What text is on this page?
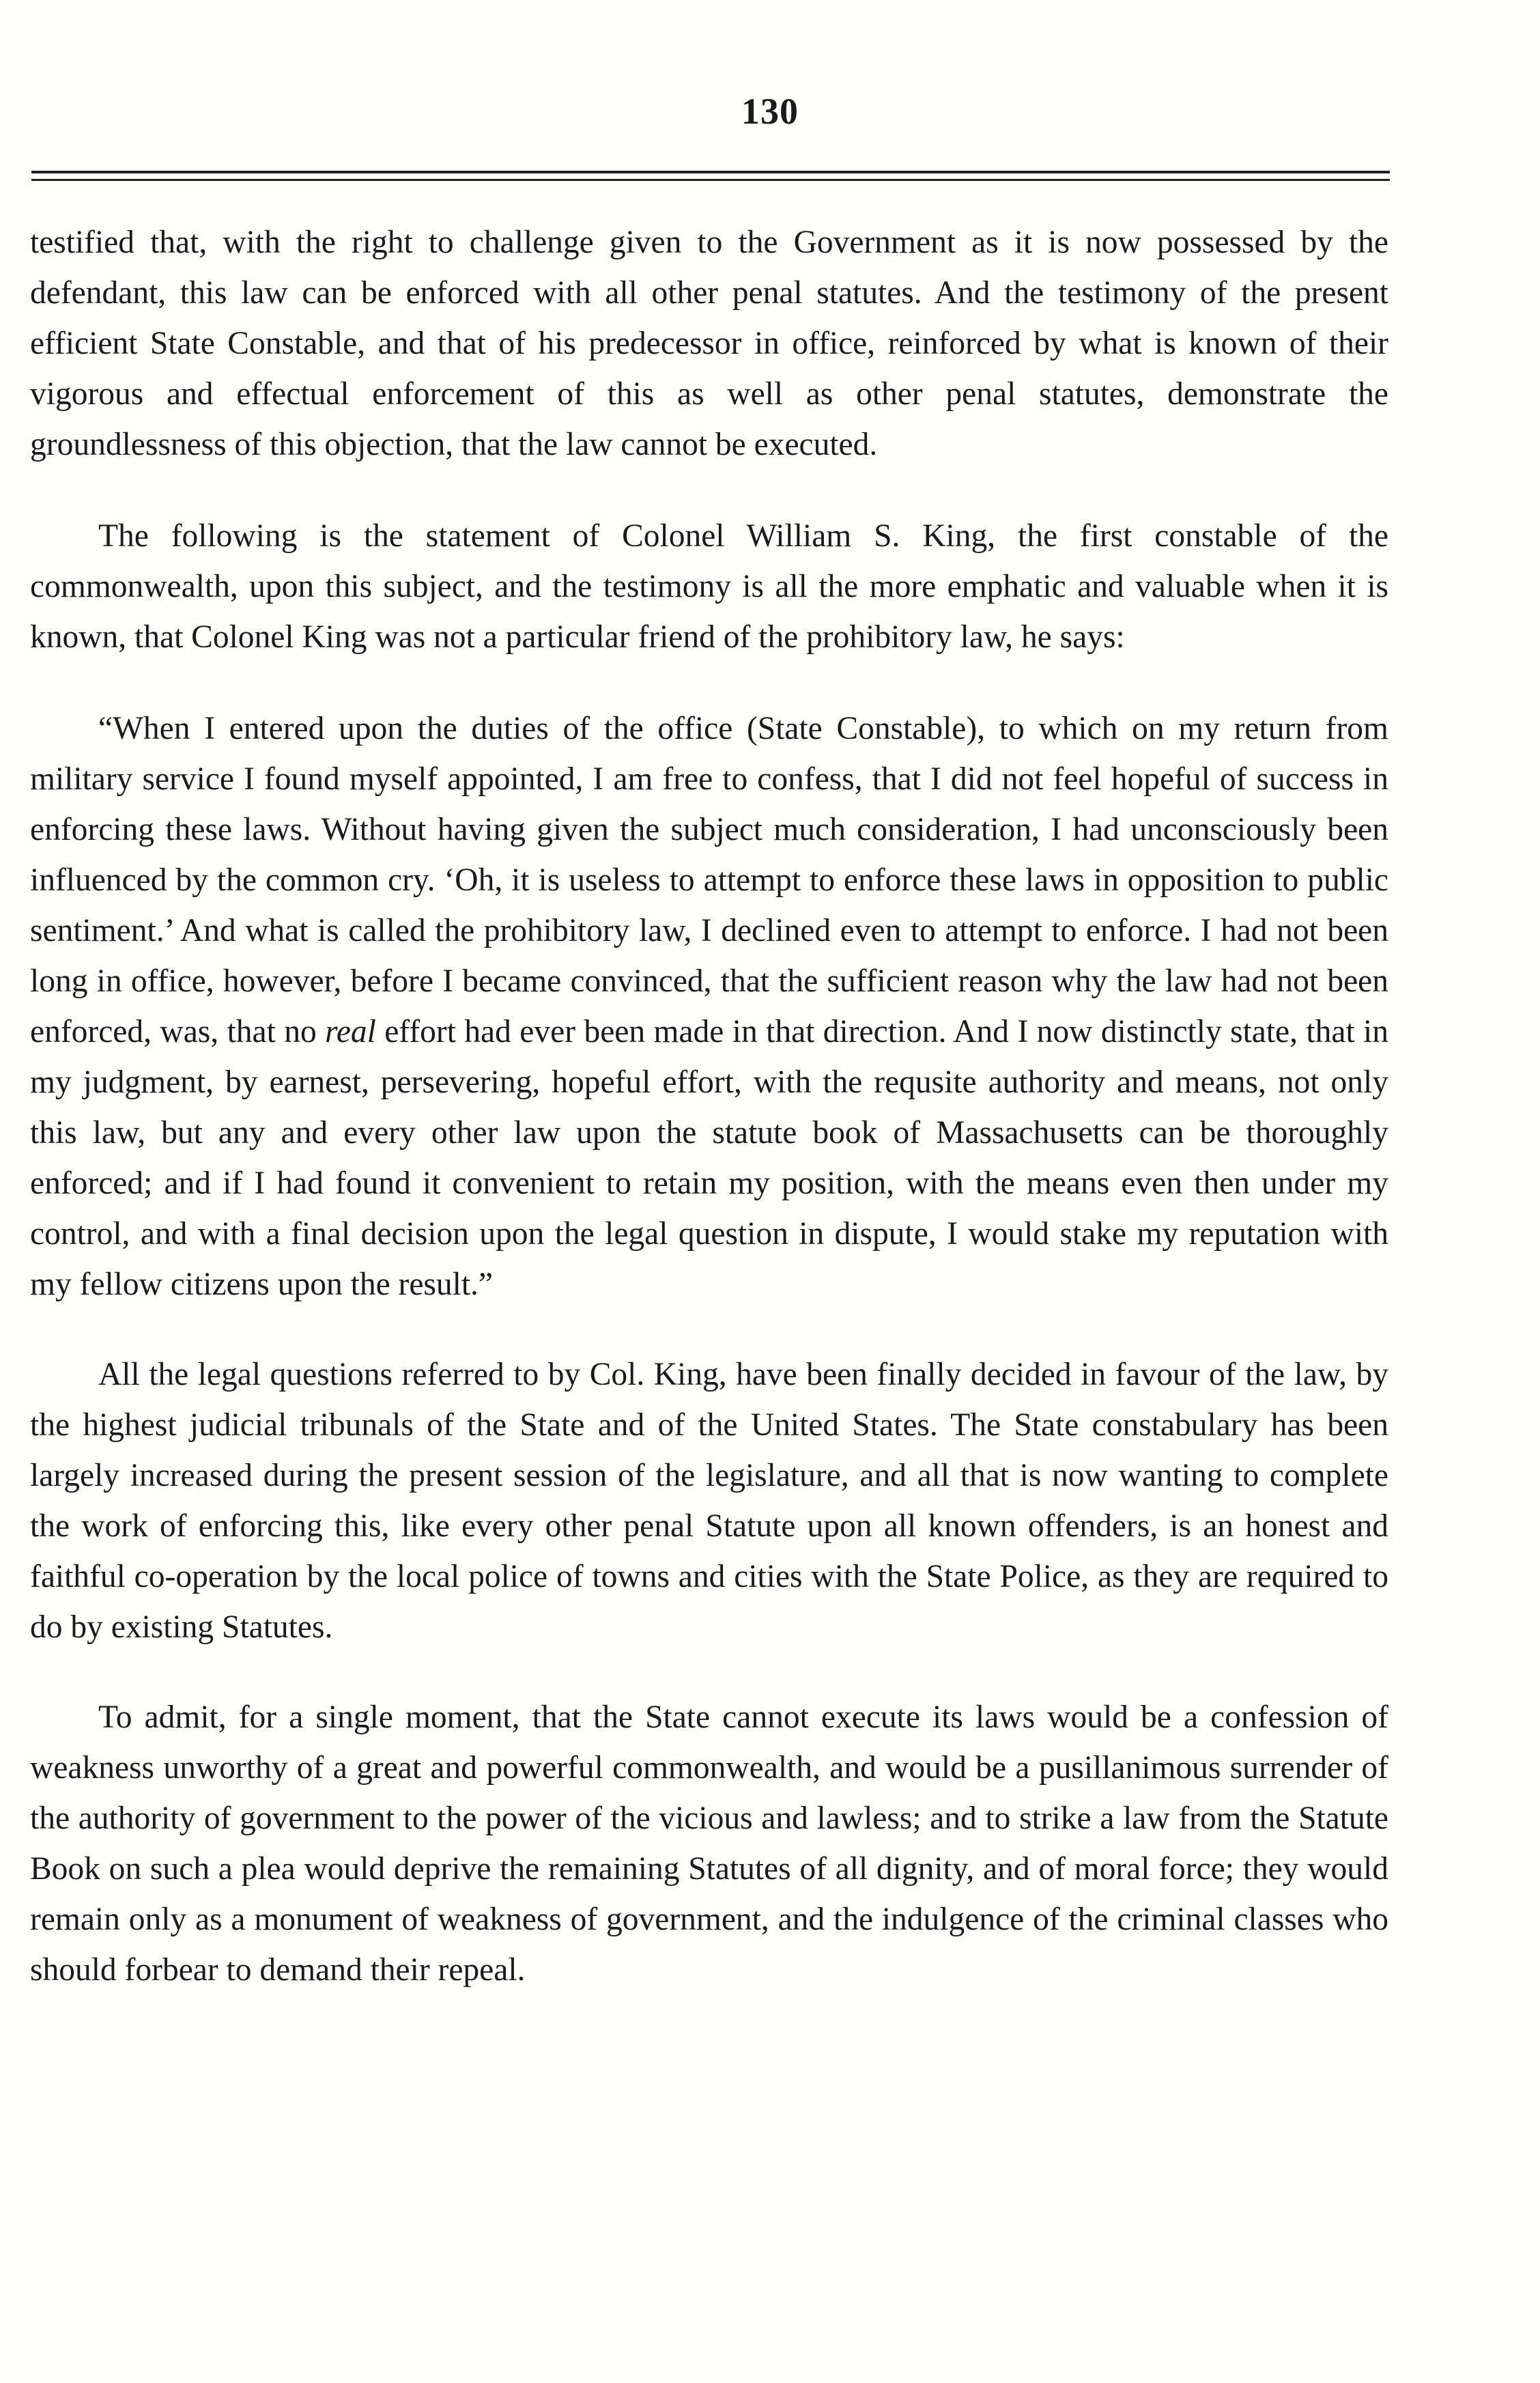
130

testified that, with the right to challenge given to the Government as it is now possessed by the defendant, this law can be enforced with all other penal statutes. And the testimony of the present efficient State Constable, and that of his predecessor in office, reinforced by what is known of their vigorous and effectual enforcement of this as well as other penal statutes, demonstrate the groundlessness of this objection, that the law cannot be executed.

The following is the statement of Colonel William S. King, the first constable of the commonwealth, upon this subject, and the testimony is all the more emphatic and valuable when it is known, that Colonel King was not a particular friend of the prohibitory law, he says:

“When I entered upon the duties of the office (State Constable), to which on my return from military service I found myself appointed, I am free to confess, that I did not feel hopeful of success in enforcing these laws. Without having given the subject much consideration, I had unconsciously been influenced by the common cry. ‘Oh, it is useless to attempt to enforce these laws in opposition to public sentiment.’ And what is called the prohibitory law, I declined even to attempt to enforce. I had not been long in office, however, before I became convinced, that the sufficient reason why the law had not been enforced, was, that no real effort had ever been made in that direction. And I now distinctly state, that in my judgment, by earnest, persevering, hopeful effort, with the requsite authority and means, not only this law, but any and every other law upon the statute book of Massachusetts can be thoroughly enforced; and if I had found it convenient to retain my position, with the means even then under my control, and with a final decision upon the legal question in dispute, I would stake my reputation with my fellow citizens upon the result.”

All the legal questions referred to by Col. King, have been finally decided in favour of the law, by the highest judicial tribunals of the State and of the United States. The State constabulary has been largely increased during the present session of the legislature, and all that is now wanting to complete the work of enforcing this, like every other penal Statute upon all known offenders, is an honest and faithful co-operation by the local police of towns and cities with the State Police, as they are required to do by existing Statutes.

To admit, for a single moment, that the State cannot execute its laws would be a confession of weakness unworthy of a great and powerful commonwealth, and would be a pusillanimous surrender of the authority of government to the power of the vicious and lawless; and to strike a law from the Statute Book on such a plea would deprive the remaining Statutes of all dignity, and of moral force; they would remain only as a monument of weakness of government, and the indulgence of the criminal classes who should forbear to demand their repeal.
